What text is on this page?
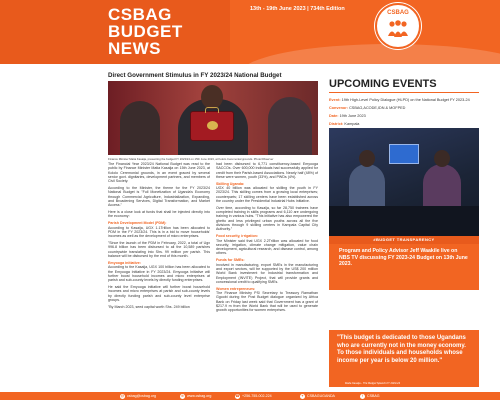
CSBAG
BUDGET
NEWS
13th - 19th June 2023 | 734th Edition
CSBAG
Direct Government Stimulus in FY 2023/24 National Budget
Finance Minister Matia Kasaija, presenting the budget FY 2023/24 on 15th June 2023, at Kololo Ceremonial grounds. Photo/Observer

The Financial Year 2023/24 National Budget was read to the public by Finance Minister Matia Kasaija on 15th June 2023, at Kololo Ceremonial grounds, in an event graced by several senior govt. dignitaries, development partners, and members of Civil Society.

According to the Minister, the theme for the FY 2023/24 National Budget is "Full Monetization of Uganda's Economy through Commercial Agriculture, Industrialization, Expanding, and Broadening Services, Digital Transformation, and Market Access."

Here is a close look at funds that shall be injected directly into the economy:

Parish Development Model (PDM):

According to Kasaija, UGX 1.1Trillion has been allocated to PDM in the FY 2023/24. This is in a bid to move households' incomes as well as the development of micro enterprises.

"Since the launch of the PDM in February, 2022, a total of Ugx 996.8 billion has been disbursed to all the 10,589 parishes countrywide translating into Shs. 99 million per parish. This balance will be disbursed by the end of this month.

Emyooga initiative:

According to the Kasaija, UGX 100 billion has been allocated to the Emyooga Initiative in FY 2023/24. Emyooga Initiative will further boost household incomes and micro enterprises at parish and sub-county levels by directly funding enterprises.

He said the Emyooga initiative will further boost household incomes and micro enterprises at parish and sub-county levels by directly funding parish and sub-county level enterprise groups.

"By March 2023, seed capital worth Shs. 249 billion

had been disbursed to 6,771 constituency-based Emyooga SACCOs. Over 600,000 individuals had successfully applied for credit from their Parish-based Associations. Nearly half (48%) of these were women, youth (33%), and PWDs (4%).

Skilling Uganda:

UGX 40 billion was allocated for skilling the youth in FY 2023/24. This skilling comes from a growing local enterprises; counterparts; 17 skilling centers have been established across the country under the Presidential Industrial Hubs Initiative.

Over time, according to Kasaija, so far 28,750 trainees have completed training in skills programs and 6,110 are undergoing training in various hubs. "This initiative has also empowered the ghetto and less privileged urban youths across all the five divisions through 9 skilling centers in Kampala Capital City Authority."

Food security, irrigation:

The Minister said that UGX 2.2Trillion was allocated for food security, irrigation, climate change mitigation, value chain development, agricultural research, and disease control, among others.

Funds for SMEs:

Involved in manufacturing, export SMEs in the manufacturing and export sectors, will be supported by the US$ 200 million World Bank investment for Industrial transformation and Employment (INVITE) Project, that will provide grants and concessional credit to qualifying SMEs.

Women entrepreneurs:

The Finance Ministry PS/ Secretary to Treasury Ramathan Ggoobi during the Post Budget dialogue organized by Africa Bank on Friday last week said that Government has a grant of $217.9 m from the World Bank that will be used to generate growth opportunities for women enterprises.

UPCOMING EVENTS
Event: 19th High-Level Policy Dialogue (HLPD) on the National Budget FY 2023-24
Convenor: CSBAG,ACODE,IDN & MOFPED
Date: 19th June 2023
District: Kampala
#BUDGET TRANSPARENCY
Program and Policy Advisor Jeff Waakile live on NBS TV discussing FY 2023-24 Budget on 13th June 2023.
"This budget is dedicated to those Ugandans who are currently not in the money economy. To those individuals and households whose income per year is below 20 million."
Matia Kasaija - The Budget Speech FY 2023-24
@ csbag@csbag.org	⊕ www.csbag.org	☎ +256-755-002-224	✦ CSBAGUGANDA	f CSBAG
